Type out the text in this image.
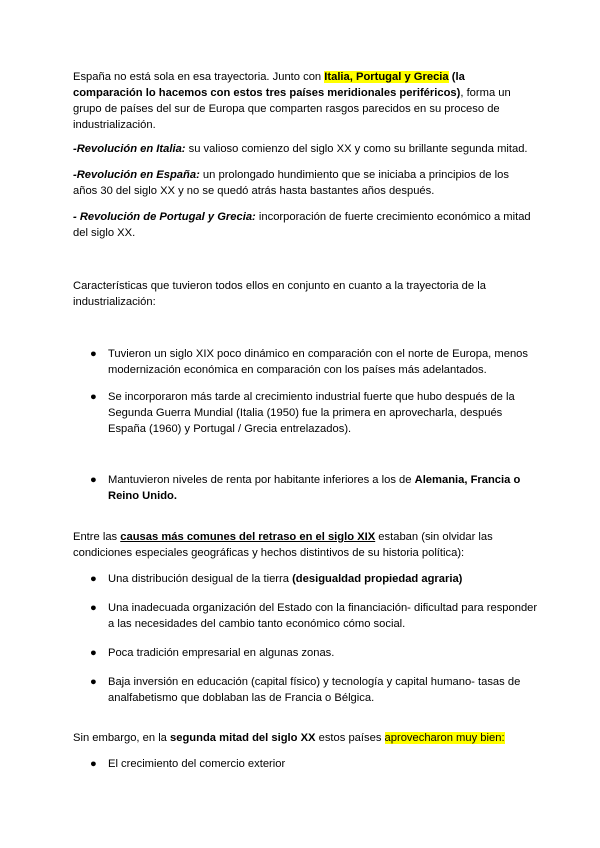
España no está sola en esa trayectoria. Junto con Italia, Portugal y Grecia (la comparación lo hacemos con estos tres países meridionales periféricos), forma un grupo de países del sur de Europa que comparten rasgos parecidos en su proceso de industrialización.

-Revolución en Italia: su valioso comienzo del siglo XX y como su brillante segunda mitad.

-Revolución en España: un prolongado hundimiento que se iniciaba a principios de los años 30 del siglo XX y no se quedó atrás hasta bastantes años después.

- Revolución de Portugal y Grecia: incorporación de fuerte crecimiento económico a mitad del siglo XX.

Características que tuvieron todos ellos en conjunto en cuanto a la trayectoria de la industrialización:

● Tuvieron un siglo XIX poco dinámico en comparación con el norte de Europa, menos modernización económica en comparación con los países más adelantados.
● Se incorporaron más tarde al crecimiento industrial fuerte que hubo después de la Segunda Guerra Mundial (Italia (1950) fue la primera en aprovecharla, después España (1960) y Portugal / Grecia entrelazados).
● Mantuvieron niveles de renta por habitante inferiores a los de Alemania, Francia o Reino Unido.

Entre las causas más comunes del retraso en el siglo XIX estaban (sin olvidar las condiciones especiales geográficas y hechos distintivos de su historia política):

● Una distribución desigual de la tierra (desigualdad propiedad agraria)
● Una inadecuada organización del Estado con la financiación- dificultad para responder a las necesidades del cambio tanto económico cómo social.
● Poca tradición empresarial en algunas zonas.
● Baja inversión en educación (capital físico) y tecnología y capital humano- tasas de analfabetismo que doblaban las de Francia o Bélgica.

Sin embargo, en la segunda mitad del siglo XX estos países aprovecharon muy bien:

● El crecimiento del comercio exterior
